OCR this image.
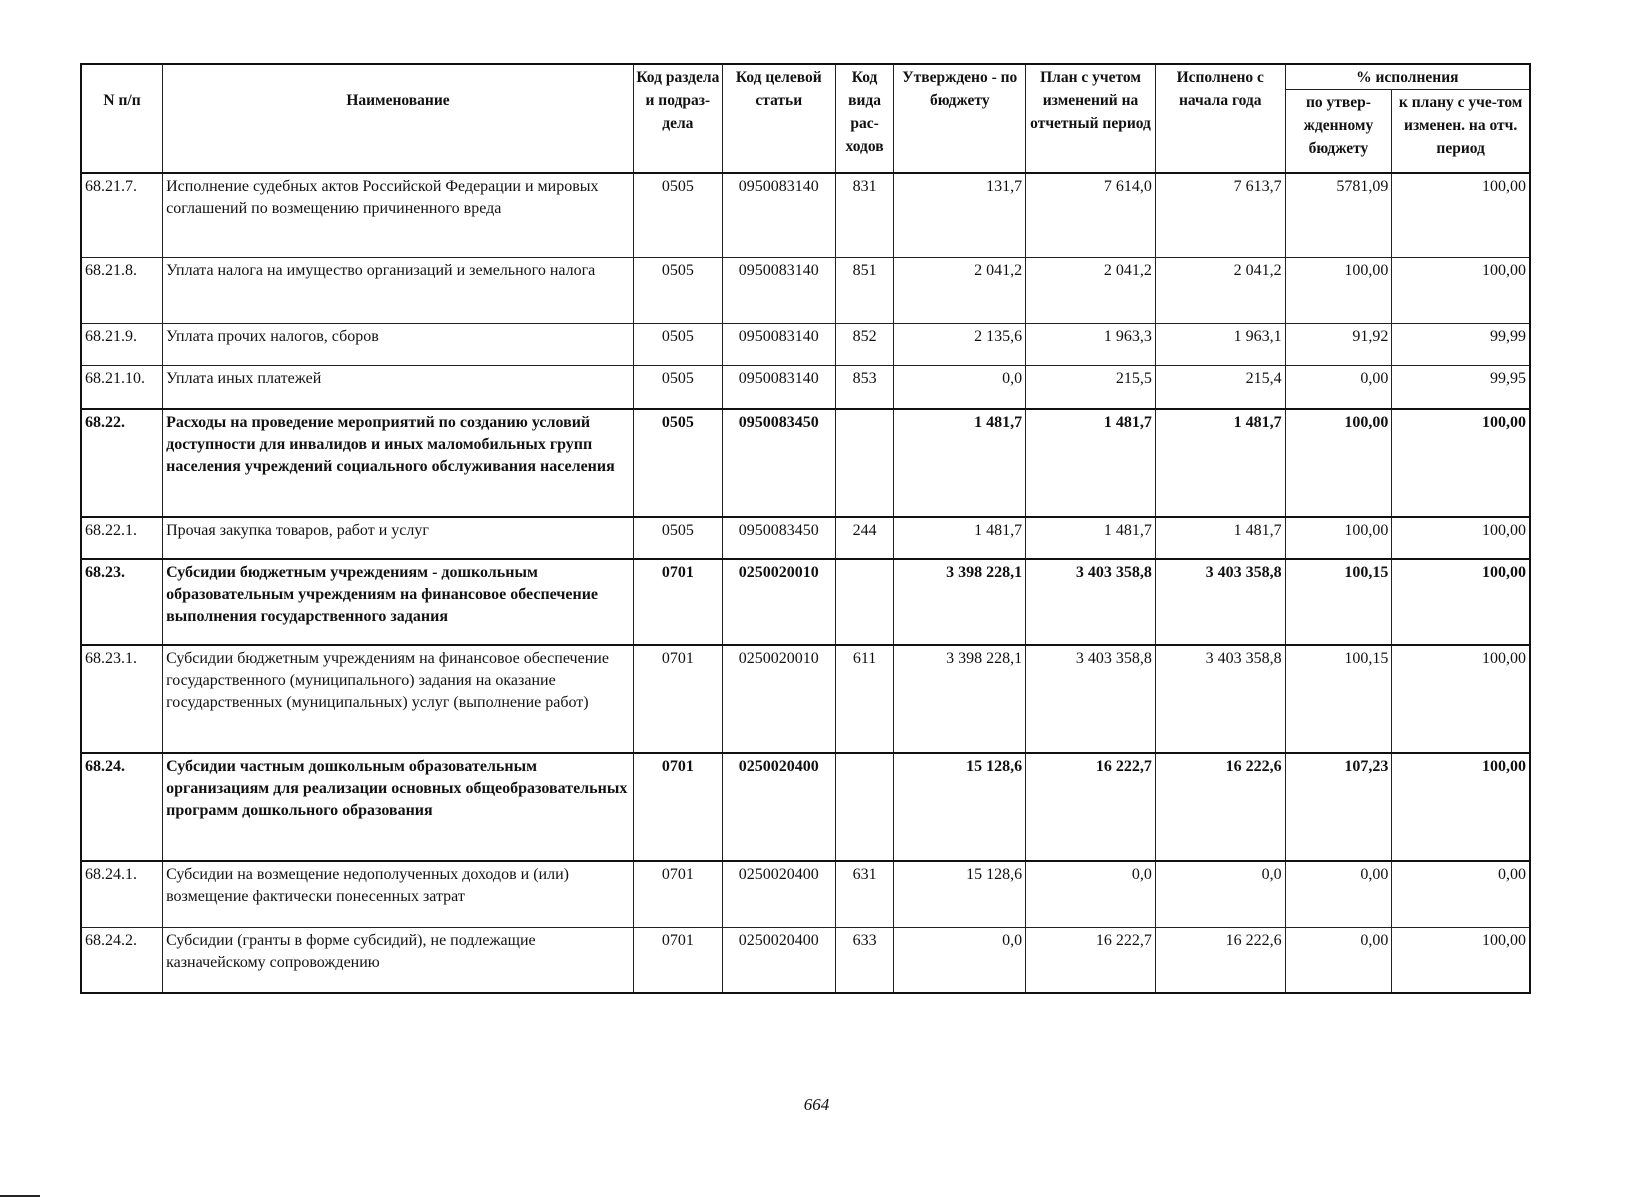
N п/п	Наименование	Код раздела и подраз-дела	Код целевой статьи	Код вида рас-ходов	Утверждено - по бюджету	План с учетом изменений на отчетный период	Исполнено с начала года	% исполнения	
								по утвер-жденному бюджету	к плану с уче-том изменен. на отч. период
68.21.7.	Исполнение судебных актов Российской Федерации и мировых соглашений по возмещению причиненного вреда	0505	0950083140	831	131,7	7 614,0	7 613,7	5781,09	100,00
68.21.8.	Уплата налога на имущество организаций и земельного налога	0505	0950083140	851	2 041,2	2 041,2	2 041,2	100,00	100,00
68.21.9.	Уплата прочих налогов, сборов	0505	0950083140	852	2 135,6	1 963,3	1 963,1	91,92	99,99
68.21.10.	Уплата иных платежей	0505	0950083140	853	0,0	215,5	215,4	0,00	99,95
68.22.	Расходы на проведение мероприятий по созданию условий доступности для инвалидов и иных маломобильных групп населения учреждений социального обслуживания населения	0505	0950083450		1 481,7	1 481,7	1 481,7	100,00	100,00
68.22.1.	Прочая закупка товаров, работ и услуг	0505	0950083450	244	1 481,7	1 481,7	1 481,7	100,00	100,00
68.23.	Субсидии бюджетным учреждениям - дошкольным образовательным учреждениям на финансовое обеспечение выполнения государственного задания	0701	0250020010		3 398 228,1	3 403 358,8	3 403 358,8	100,15	100,00
68.23.1.	Субсидии бюджетным учреждениям на финансовое обеспечение государственного (муниципального) задания на оказание государственных (муниципальных) услуг (выполнение работ)	0701	0250020010	611	3 398 228,1	3 403 358,8	3 403 358,8	100,15	100,00
68.24.	Субсидии частным дошкольным образовательным организациям для реализации основных общеобразовательных программ дошкольного образования	0701	0250020400		15 128,6	16 222,7	16 222,6	107,23	100,00
68.24.1.	Субсидии на возмещение недополученных доходов и (или) возмещение фактически понесенных затрат	0701	0250020400	631	15 128,6	0,0	0,0	0,00	0,00
68.24.2.	Субсидии (гранты в форме субсидий), не подлежащие казначейскому сопровождению	0701	0250020400	633	0,0	16 222,7	16 222,6	0,00	100,00
664
